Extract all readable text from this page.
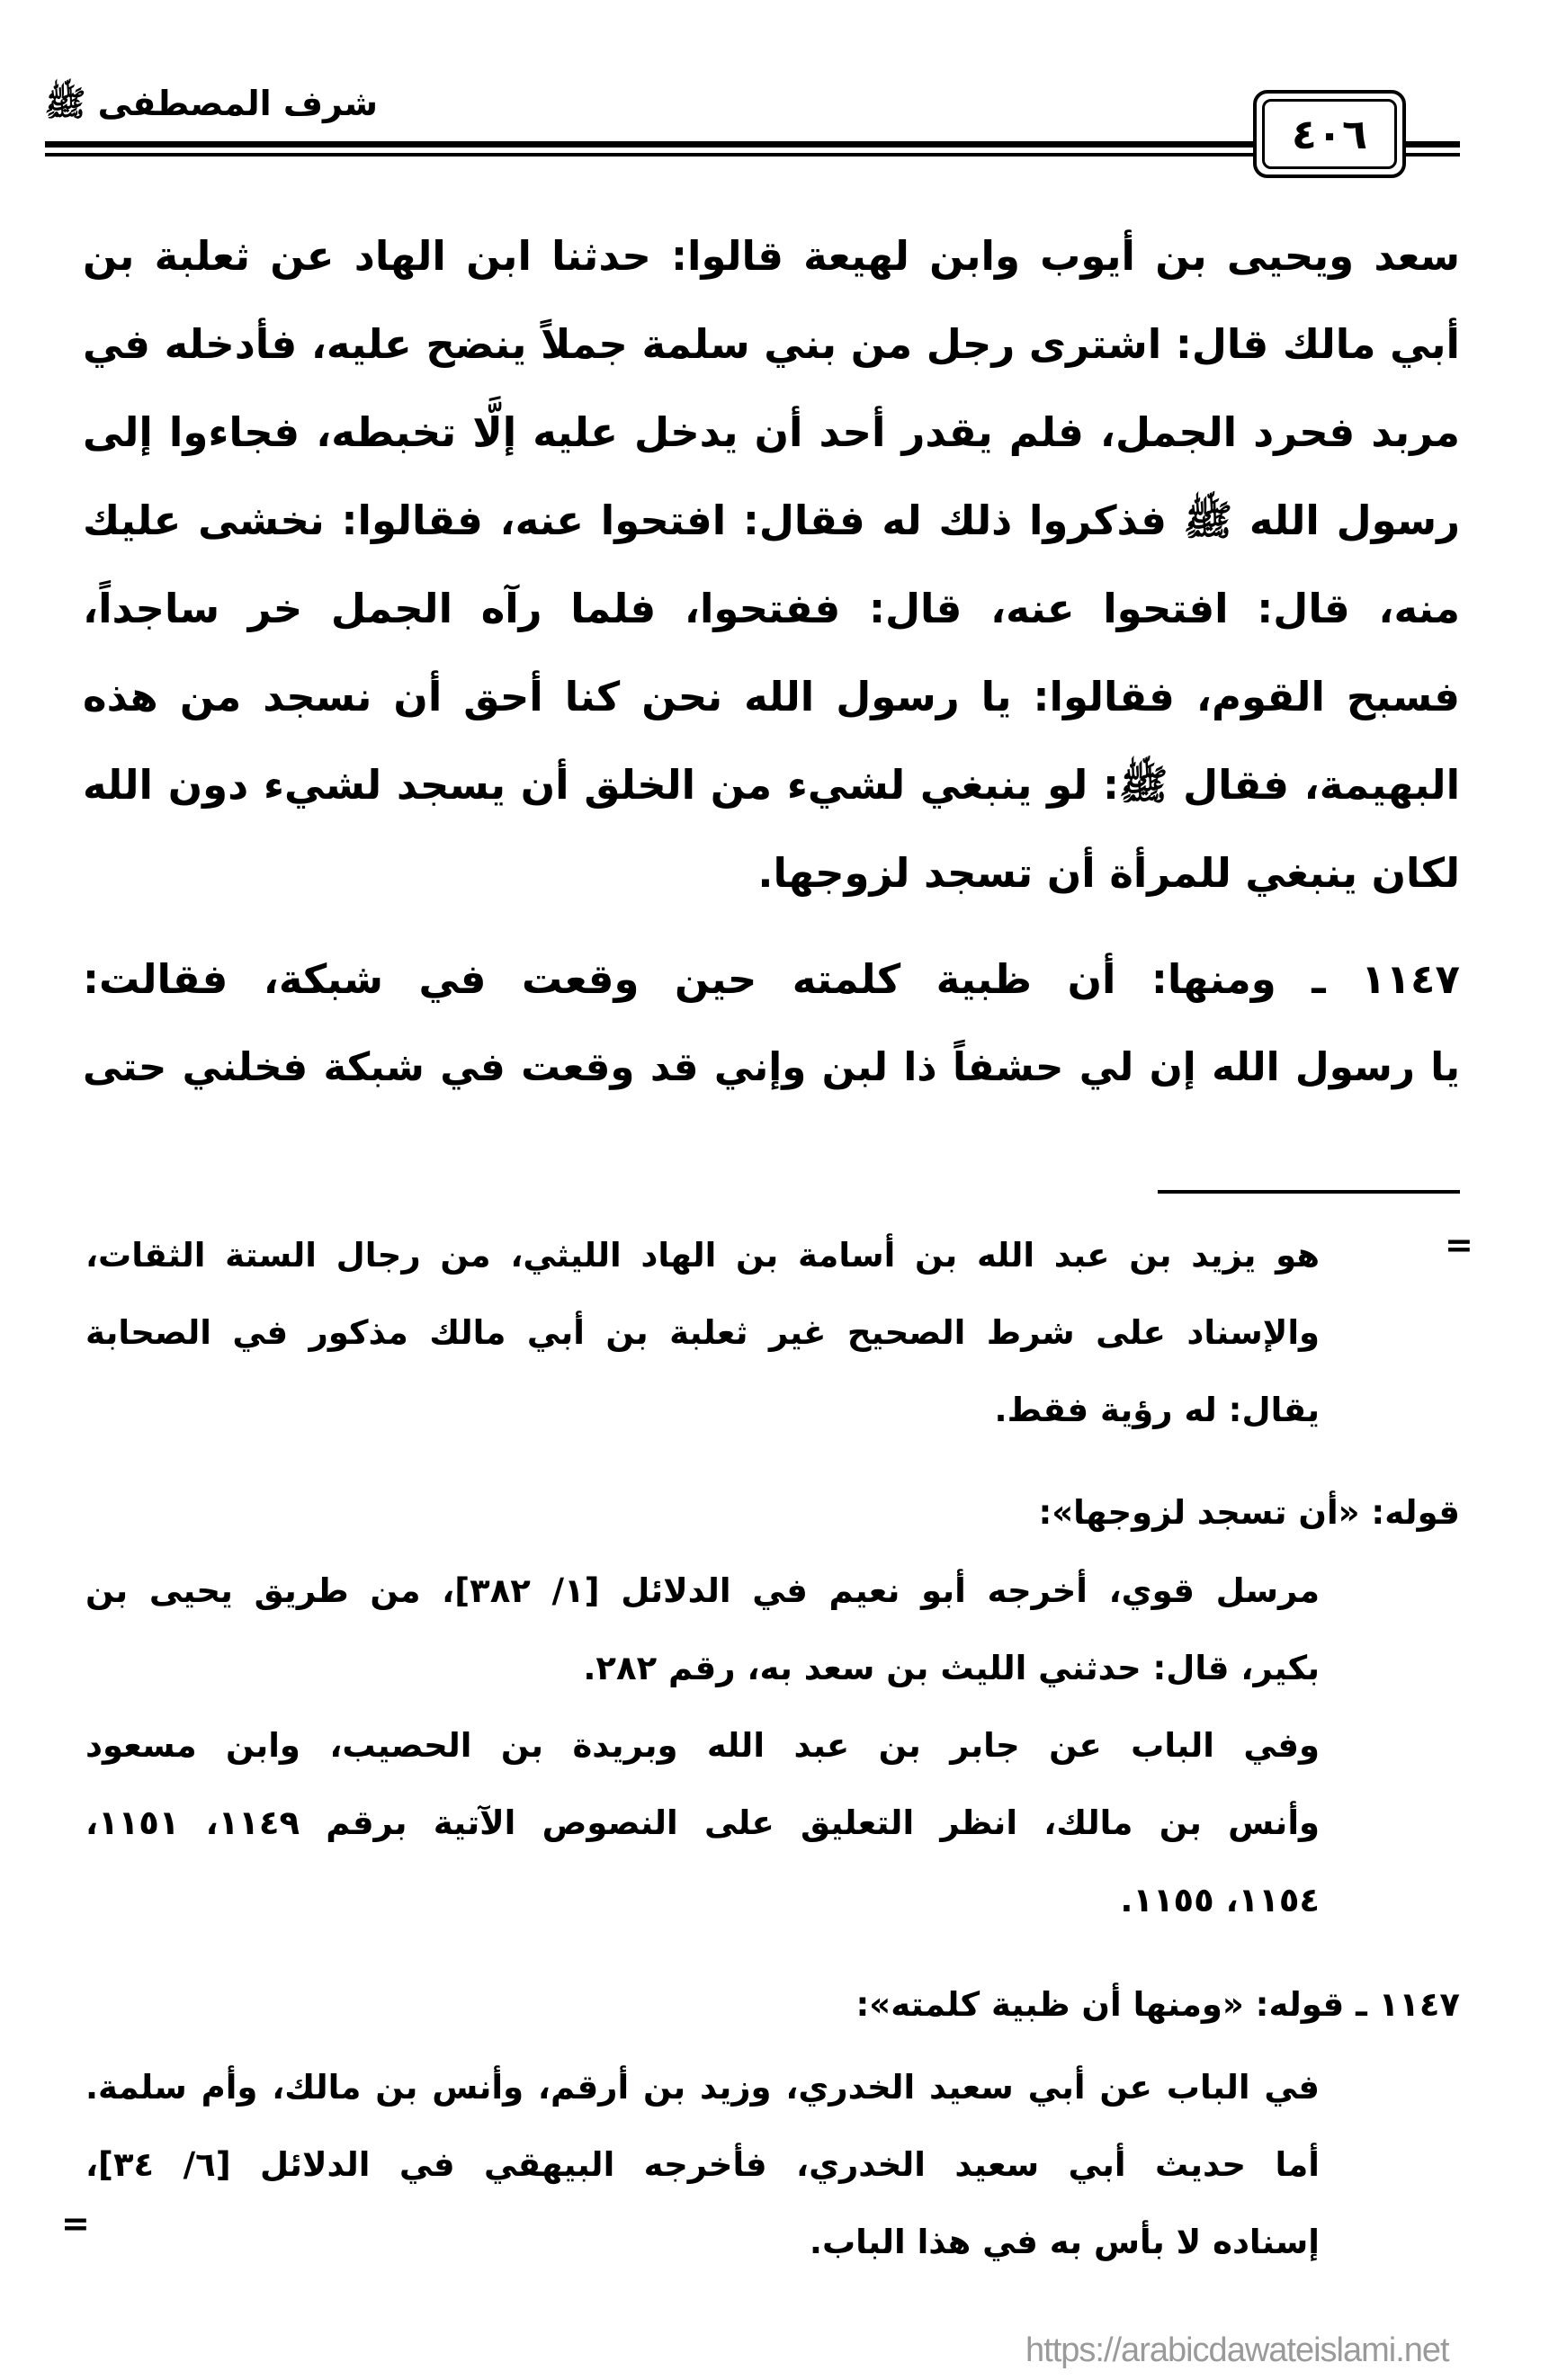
شرف المصطفى ﷺ
٤٠٦
سعد ويحيى بن أيوب وابن لهيعة قالوا: حدثنا ابن الهاد عن ثعلبة بن
أبي مالك قال: اشترى رجل من بني سلمة جملاً ينضح عليه، فأدخله في
مربد فحرد الجمل، فلم يقدر أحد أن يدخل عليه إلَّا تخبطه، فجاءوا إلى
رسول الله ﷺ فذكروا ذلك له فقال: افتحوا عنه، فقالوا: نخشى عليك
منه، قال: افتحوا عنه، قال: ففتحوا، فلما رآه الجمل خر ساجداً،
فسبح القوم، فقالوا: يا رسول الله نحن كنا أحق أن نسجد من هذه
البهيمة، فقال ﷺ: لو ينبغي لشيء من الخلق أن يسجد لشيء دون الله
لكان ينبغي للمرأة أن تسجد لزوجها.
١١٤٧ ـ ومنها: أن ظبية كلمته حين وقعت في شبكة، فقالت:
يا رسول الله إن لي حشفاً ذا لبن وإني قد وقعت في شبكة فخلني حتى
=
هو يزيد بن عبد الله بن أسامة بن الهاد الليثي، من رجال الستة الثقات،
والإسناد على شرط الصحيح غير ثعلبة بن أبي مالك مذكور في الصحابة
يقال: له رؤية فقط.
قوله: «أن تسجد لزوجها»:
مرسل قوي، أخرجه أبو نعيم في الدلائل [١/ ٣٨٢]، من طريق يحيى بن
بكير، قال: حدثني الليث بن سعد به، رقم ٢٨٢.
وفي الباب عن جابر بن عبد الله وبريدة بن الحصيب، وابن مسعود
وأنس بن مالك، انظر التعليق على النصوص الآتية برقم ١١٤٩، ١١٥١،
١١٥٤، ١١٥٥.
١١٤٧ ـ قوله: «ومنها أن ظبية كلمته»:
في الباب عن أبي سعيد الخدري، وزيد بن أرقم، وأنس بن مالك، وأم سلمة.
أما حديث أبي سعيد الخدري، فأخرجه البيهقي في الدلائل [٦/ ٣٤]،
إسناده لا بأس به في هذا الباب.
=
https://arabicdawateislami.net
